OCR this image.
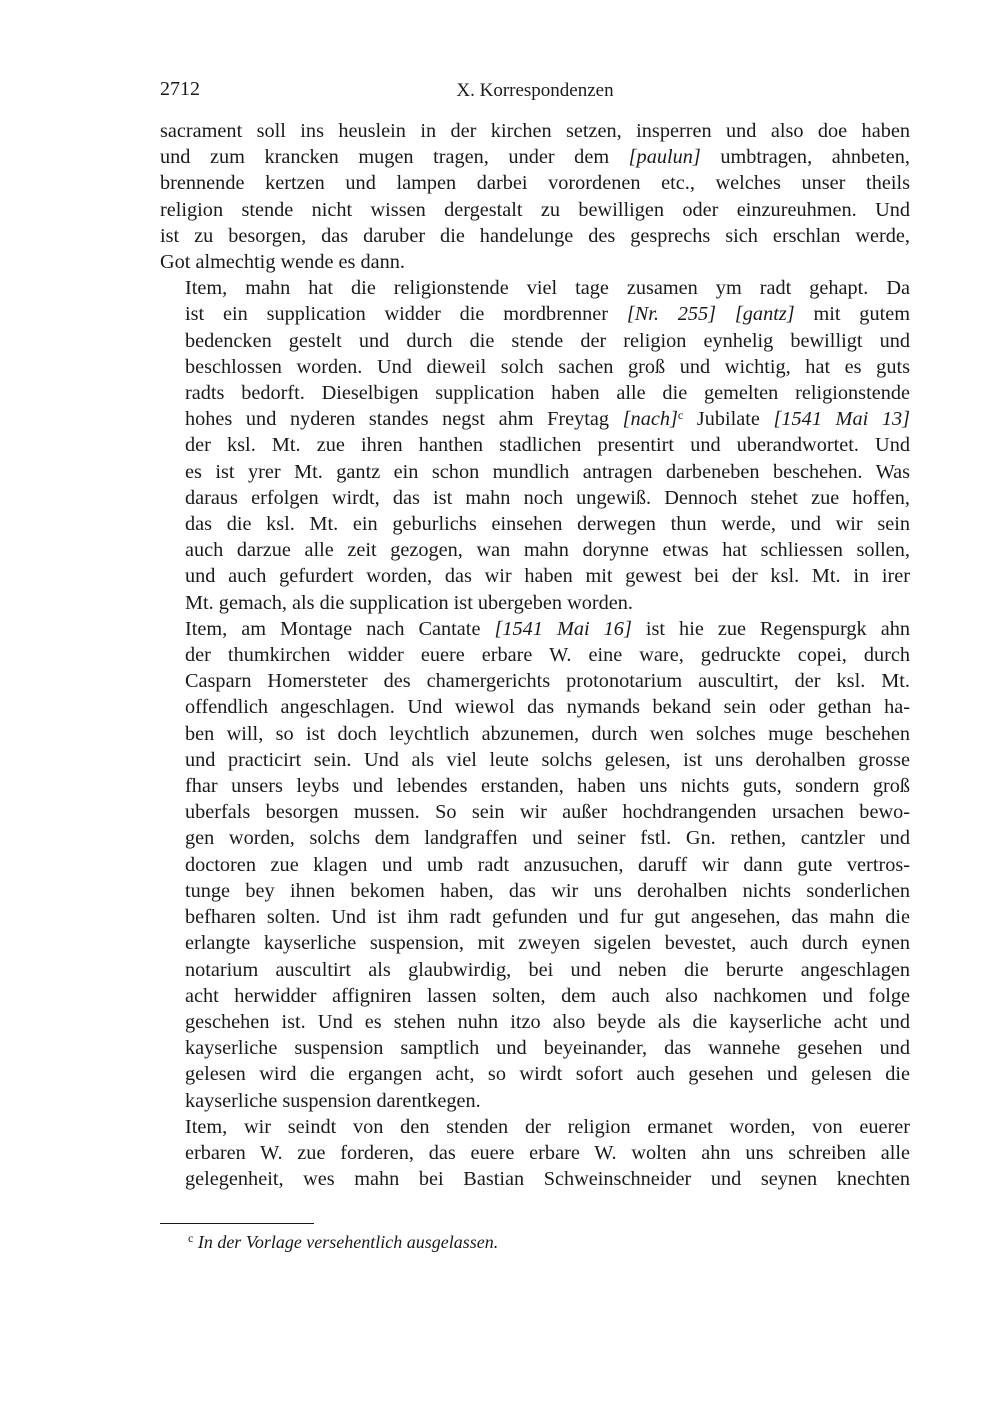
2712	X. Korrespondenzen

sacrament soll ins heuslein in der kirchen setzen, insperren und also doe haben
und zum krancken mugen tragen, under dem [paulun] umbtragen, ahnbeten,
brennende kertzen und lampen darbei vorordenen etc., welches unser theils
religion stende nicht wissen dergestalt zu bewilligen oder einzureuhmen. Und
ist zu besorgen, das daruber die handelunge des gesprechs sich erschlan werde,
Got almechtig wende es dann.

Item, mahn hat die religionstende viel tage zusamen ym radt gehapt. Da
ist ein supplication widder die mordbrenner [Nr. 255] [gantz] mit gutem
bedencken gestelt und durch die stende der religion eynhelig bewilligt und
beschlossen worden. Und dieweil solch sachen groß und wichtig, hat es guts
radts bedorft. Dieselbigen supplication haben alle die gemelten religionstende
hohes und nyderen standes negst ahm Freytag [nach]$^c$ Jubilate [1541 Mai 13]
der ksl. Mt. zue ihren hanthen stadlichen presentirt und uberandwortet. Und
es ist yrer Mt. gantz ein schon mundlich antragen darbeneben beschehen. Was
daraus erfolgen wirdt, das ist mahn noch ungewiß. Dennoch stehet zue hoffen,
das die ksl. Mt. ein geburlichs einsehen derwegen thun werde, und wir sein
auch darzue alle zeit gezogen, wan mahn dorynne etwas hat schliessen sollen,
und auch gefurdert worden, das wir haben mit gewest bei der ksl. Mt. in irer
Mt. gemach, als die supplication ist ubergeben worden.

Item, am Montage nach Cantate [1541 Mai 16] ist hie zue Regenspurgk ahn
der thumkirchen widder euere erbare W. eine ware, gedruckte copei, durch
Casparn Homersteter des chamergerichts protonotarium auscultirt, der ksl. Mt.
offendlich angeschlagen. Und wiewol das nymands bekand sein oder gethan ha-
ben will, so ist doch leychtlich abzunemen, durch wen solches muge beschehen
und practicirt sein. Und als viel leute solchs gelesen, ist uns derohalben grosse
fhar unsers leybs und lebendes erstanden, haben uns nichts guts, sondern groß
uberfals besorgen mussen. So sein wir außer hochdrangenden ursachen bewo-
gen worden, solchs dem landgraffen und seiner fstl. Gn. rethen, cantzler und
doctoren zue klagen und umb radt anzusuchen, daruff wir dann gute vertros-
tunge bey ihnen bekomen haben, das wir uns derohalben nichts sonderlichen
befharen solten. Und ist ihm radt gefunden und fur gut angesehen, das mahn die
erlangte kayserliche suspension, mit zweyen sigelen bevestet, auch durch eynen
notarium auscultirt als glaubwirdig, bei und neben die berurte angeschlagen
acht herwidder affigniren lassen solten, dem auch also nachkomen und folge
geschehen ist. Und es stehen nuhn itzo also beyde als die kayserliche acht und
kayserliche suspension samptlich und beyeinander, das wannehe gesehen und
gelesen wird die ergangen acht, so wirdt sofort auch gesehen und gelesen die
kayserliche suspension darentkegen.

Item, wir seindt von den stenden der religion ermanet worden, von euerer
erbaren W. zue forderen, das euere erbare W. wolten ahn uns schreiben alle
gelegenheit, wes mahn bei Bastian Schweinschneider und seynen knechten

$^c$ In der Vorlage versehentlich ausgelassen.
